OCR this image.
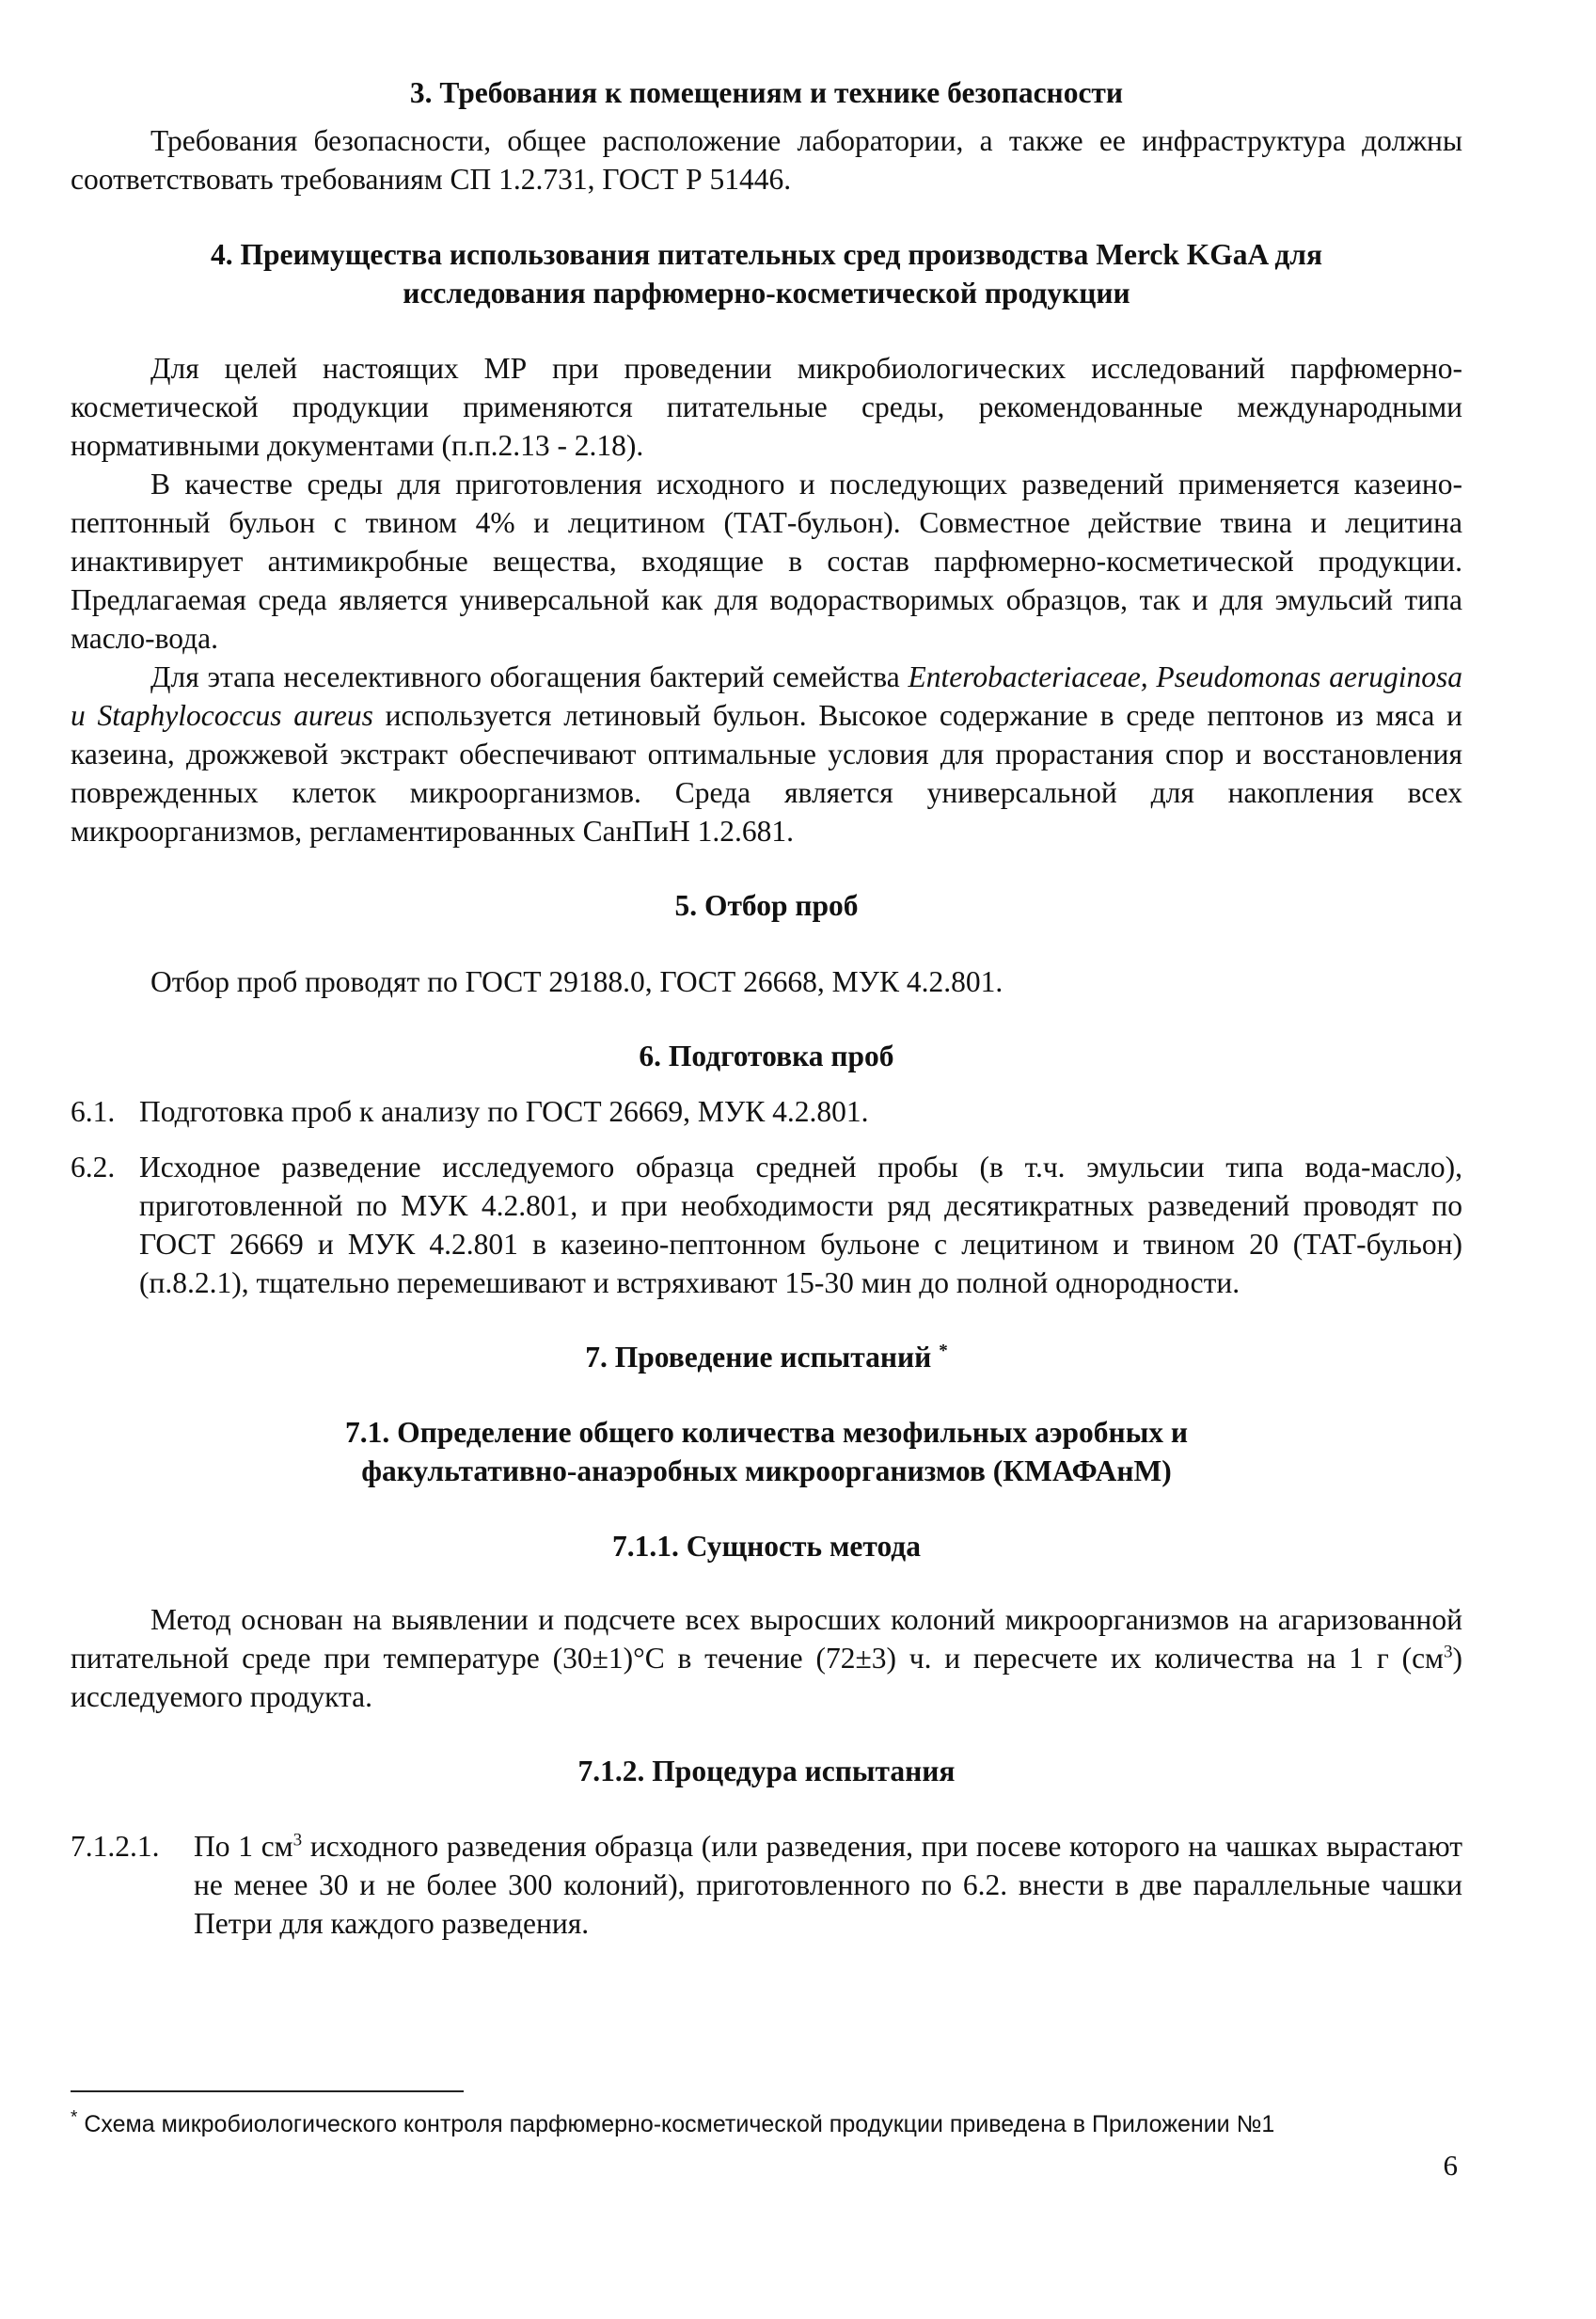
3. Требования к помещениям и технике безопасности

Требования безопасности, общее расположение лаборатории, а также ее инфраструктура должны соответствовать требованиям СП 1.2.731, ГОСТ Р 51446.

4. Преимущества использования питательных сред производства Merck KGaA для

исследования парфюмерно-косметической продукции

Для целей настоящих МР при проведении микробиологических исследований парфюмерно-косметической продукции применяются питательные среды, рекомендованные международными нормативными документами (п.п.2.13 - 2.18).

В качестве среды для приготовления исходного и последующих разведений применяется казеино-пептонный бульон с твином 4% и лецитином (ТАТ-бульон). Совместное действие твина и лецитина инактивирует антимикробные вещества, входящие в состав парфюмерно-косметической продукции. Предлагаемая среда является универсальной как для водорастворимых образцов, так и для эмульсий типа масло-вода.

Для этапа неселективного обогащения бактерий семейства Enterobacteriaceae, Pseudomonas aeruginosa u Staphylococcus aureus используется летиновый бульон. Высокое содержание в среде пептонов из мяса и казеина, дрожжевой экстракт обеспечивают оптимальные условия для прорастания спор и восстановления поврежденных клеток микроорганизмов. Среда является универсальной для накопления всех микроорганизмов, регламентированных СанПиН 1.2.681.

5. Отбор проб

Отбор проб проводят по ГОСТ 29188.0, ГОСТ 26668, МУК 4.2.801.

6. Подготовка проб

6.1. Подготовка проб к анализу по ГОСТ 26669, МУК 4.2.801.
6.2. Исходное разведение исследуемого образца средней пробы (в т.ч. эмульсии типа вода-масло), приготовленной по МУК 4.2.801, и при необходимости ряд десятикратных разведений проводят по ГОСТ 26669 и МУК 4.2.801 в казеино-пептонном бульоне с лецитином и твином 20 (ТАТ-бульон) (п.8.2.1), тщательно перемешивают и встряхивают 15-30 мин до полной однородности.

7. Проведение испытаний *

7.1. Определение общего количества мезофильных аэробных и

факультативно-анаэробных микроорганизмов (КМАФАнМ)

7.1.1. Сущность метода

Метод основан на выявлении и подсчете всех выросших колоний микроорганизмов на агаризованной питательной среде при температуре (30±1)°С в течение (72±3) ч. и пересчете их количества на 1 г $(см^3)$ исследуемого продукта.

7.1.2. Процедура испытания

7.1.2.1.	По 1 $см^3$ исходного разведения образца (или разведения, при посеве которого на чашках вырастают не менее 30 и не более 300 колоний), приготовленного по 6.2. внести в две параллельные чашки Петри для каждого разведения.
* Схема микробиологического контроля парфюмерно-косметической продукции приведена в Приложении №1
6
